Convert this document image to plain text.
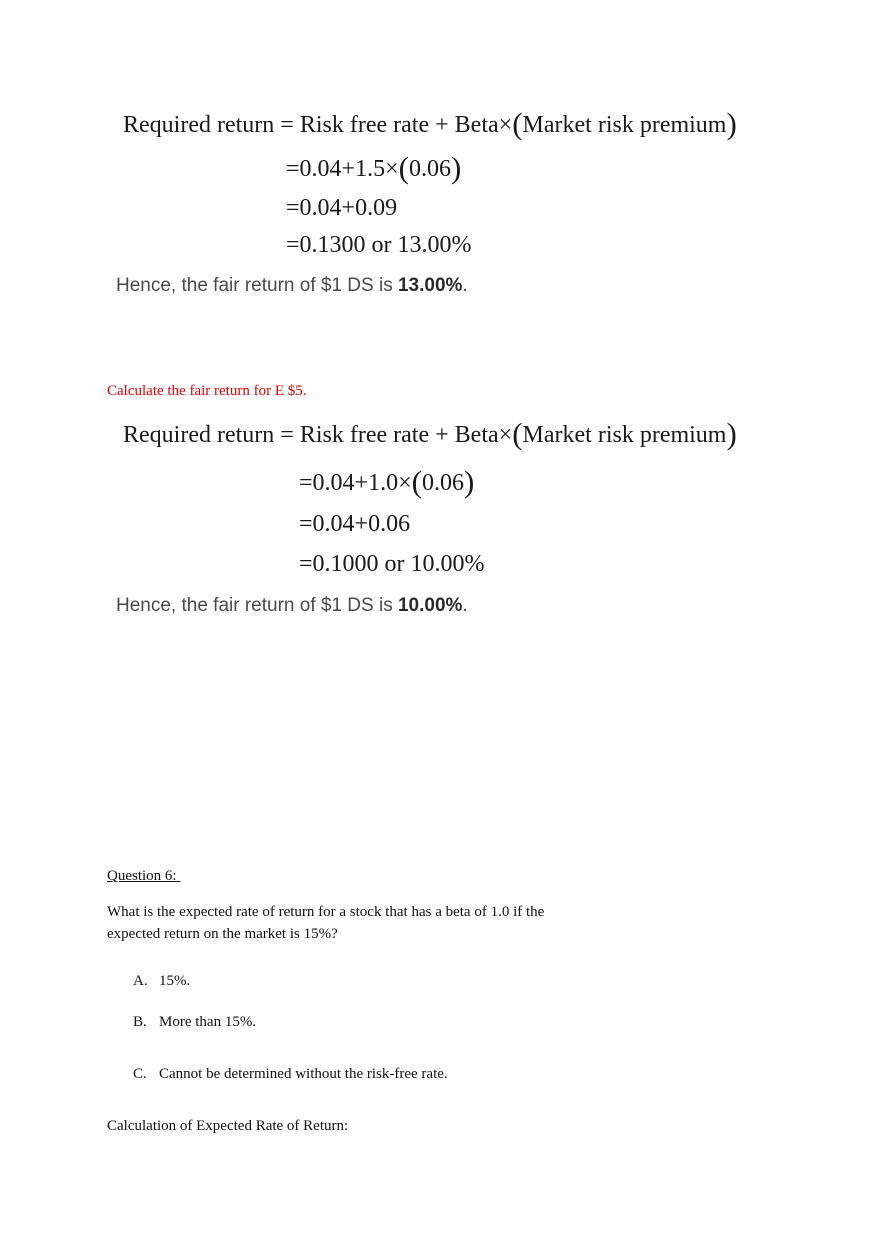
Required return = Risk free rate + Beta×(Market risk premium)
=0.04+1.5×(0.06)
=0.04+0.09
=0.1300 or 13.00%
Hence, the fair return of $1 DS is 13.00%.
Calculate the fair return for E $5.
Required return = Risk free rate + Beta×(Market risk premium)
=0.04+1.0×(0.06)
=0.04+0.06
=0.1000 or 10.00%
Hence, the fair return of $1 DS is 10.00%.
Question 6:
What is the expected rate of return for a stock that has a beta of 1.0 if the
expected return on the market is 15%?
A. 15%.
B. More than 15%.
C. Cannot be determined without the risk-free rate.
Calculation of Expected Rate of Return:
